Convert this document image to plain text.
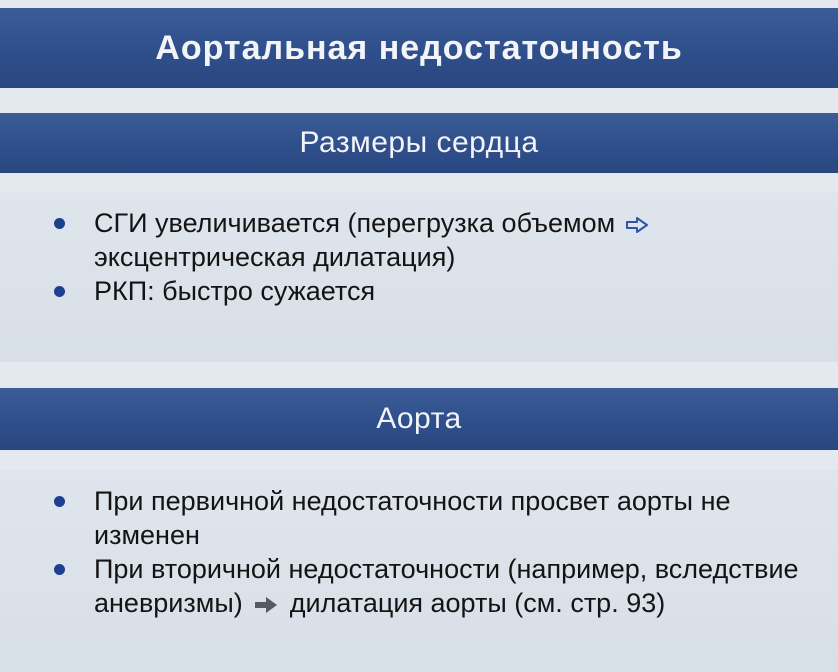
Аортальная недостаточность
Размеры сердца
СГИ увеличивается (перегрузка объемом
эксцентрическая дилатация)
РКП: быстро сужается
Аорта
При первичной недостаточности просвет аорты не изменен
При вторичной недостаточности (например, вследствие аневризмы) дилатация аорты (см. стр. 93)
